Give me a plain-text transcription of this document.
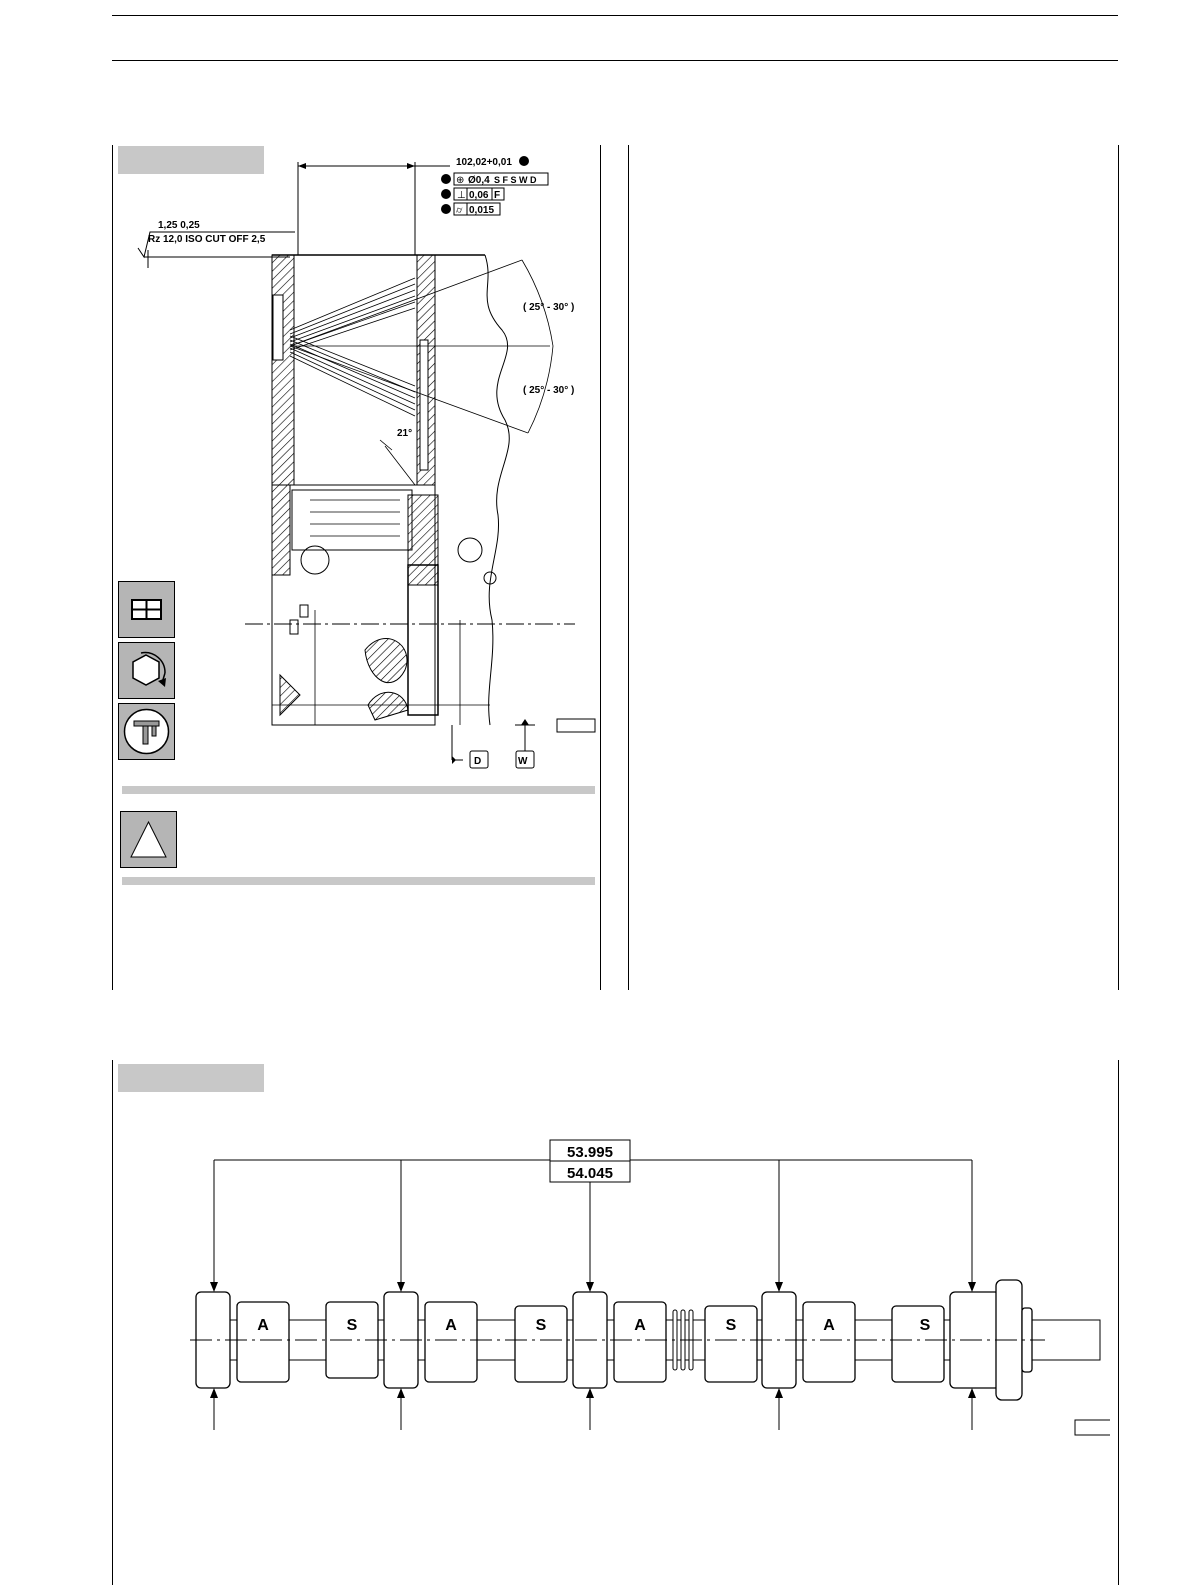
102,02+0,01
⊕ Ø0,4 S F S W D
⊥ 0,06 F
⌭ 0,015
1,25 0,25
Rz 12,0 ISO CUT OFF 2,5
( 25° - 30° )
( 25° - 30° )
21°
D	W
53.995
54.045
A	S	A	S	A	S	A	S
